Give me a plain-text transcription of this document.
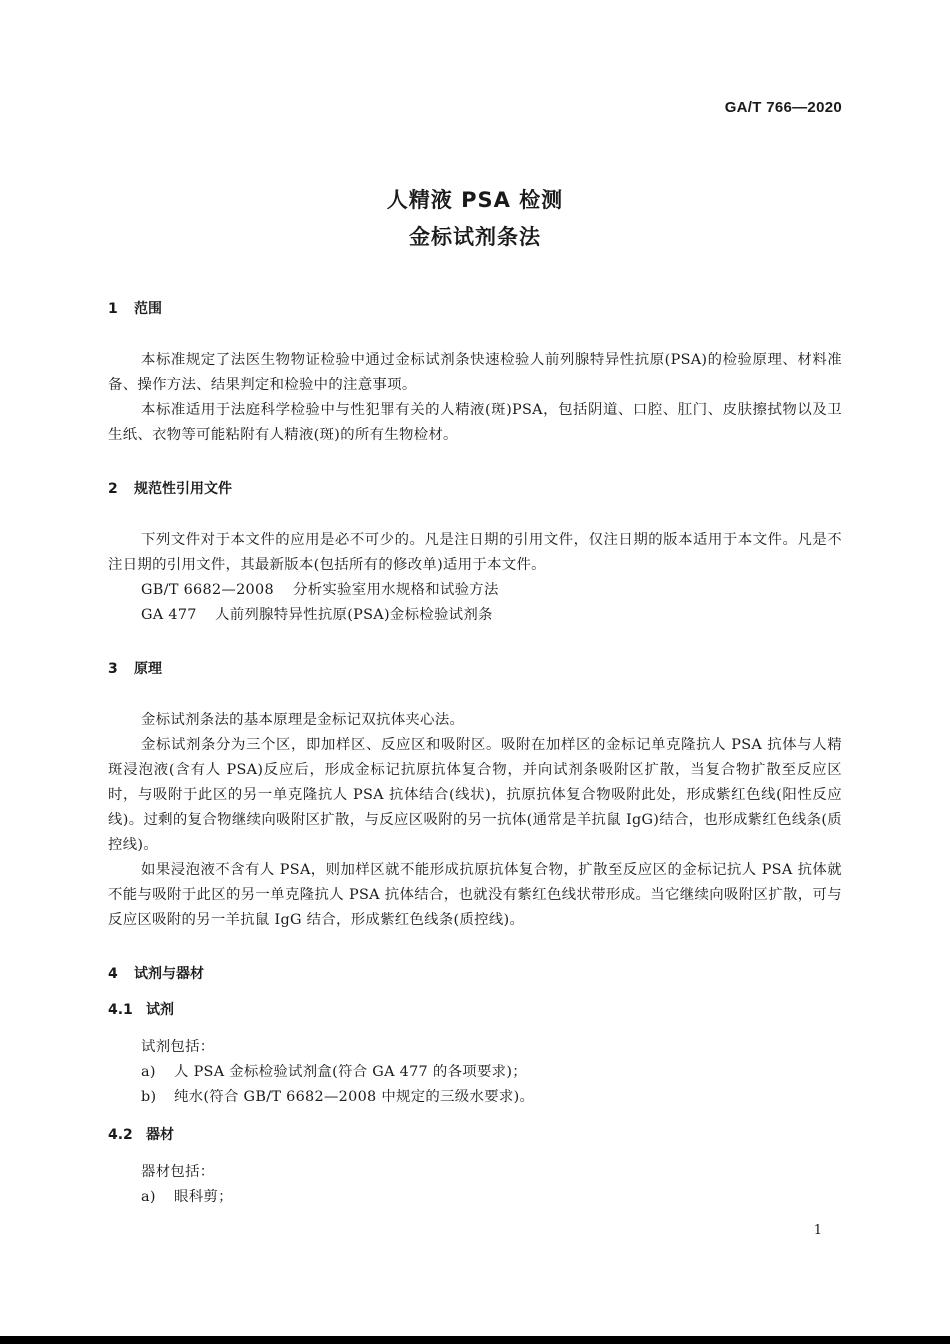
GA/T 766—2020
人精液 PSA 检测
金标试剂条法
1 范围
本标准规定了法医生物物证检验中通过金标试剂条快速检验人前列腺特异性抗原(PSA)的检验原理、材料准备、操作方法、结果判定和检验中的注意事项。
本标准适用于法庭科学检验中与性犯罪有关的人精液(斑)PSA，包括阴道、口腔、肛门、皮肤擦拭物以及卫生纸、衣物等可能粘附有人精液(斑)的所有生物检材。
2 规范性引用文件
下列文件对于本文件的应用是必不可少的。凡是注日期的引用文件，仅注日期的版本适用于本文件。凡是不注日期的引用文件，其最新版本(包括所有的修改单)适用于本文件。
GB/T 6682—2008 分析实验室用水规格和试验方法
GA 477 人前列腺特异性抗原(PSA)金标检验试剂条
3 原理
金标试剂条法的基本原理是金标记双抗体夹心法。
金标试剂条分为三个区，即加样区、反应区和吸附区。吸附在加样区的金标记单克隆抗人 PSA 抗体与人精斑浸泡液(含有人 PSA)反应后，形成金标记抗原抗体复合物，并向试剂条吸附区扩散，当复合物扩散至反应区时，与吸附于此区的另一单克隆抗人 PSA 抗体结合(线状)，抗原抗体复合物吸附此处，形成紫红色线(阳性反应线)。过剩的复合物继续向吸附区扩散，与反应区吸附的另一抗体(通常是羊抗鼠 IgG)结合，也形成紫红色线条(质控线)。
如果浸泡液不含有人 PSA，则加样区就不能形成抗原抗体复合物，扩散至反应区的金标记抗人 PSA 抗体就不能与吸附于此区的另一单克隆抗人 PSA 抗体结合，也就没有紫红色线状带形成。当它继续向吸附区扩散，可与反应区吸附的另一羊抗鼠 IgG 结合，形成紫红色线条(质控线)。
4 试剂与器材
4.1 试剂
试剂包括：
a) 人 PSA 金标检验试剂盒(符合 GA 477 的各项要求)；
b) 纯水(符合 GB/T 6682—2008 中规定的三级水要求)。
4.2 器材
器材包括：
a) 眼科剪；
1
